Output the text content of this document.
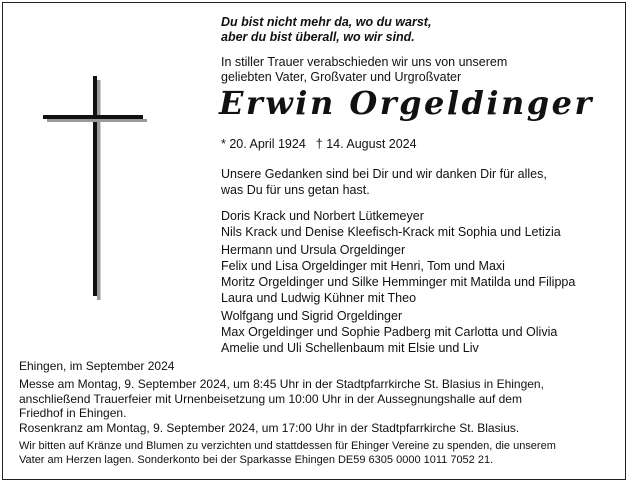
Du bist nicht mehr da, wo du warst,
aber du bist überall, wo wir sind.
In stiller Trauer verabschieden wir uns von unserem
geliebten Vater, Großvater und Urgroßvater
Erwin Orgeldinger
* 20. April 1924 † 14. August 2024
Unsere Gedanken sind bei Dir und wir danken Dir für alles,
was Du für uns getan hast.
Doris Krack und Norbert Lütkemeyer
Nils Krack und Denise Kleefisch-Krack mit Sophia und Letizia
Hermann und Ursula Orgeldinger
Felix und Lisa Orgeldinger mit Henri, Tom und Maxi
Moritz Orgeldinger und Silke Hemminger mit Matilda und Filippa
Laura und Ludwig Kühner mit Theo
Wolfgang und Sigrid Orgeldinger
Max Orgeldinger und Sophie Padberg mit Carlotta und Olivia
Amelie und Uli Schellenbaum mit Elsie und Liv
Ehingen, im September 2024
Messe am Montag, 9. September 2024, um 8:45 Uhr in der Stadtpfarrkirche St. Blasius in Ehingen,
anschließend Trauerfeier mit Urnenbeisetzung um 10:00 Uhr in der Aussegnungshalle auf dem
Friedhof in Ehingen.
Rosenkranz am Montag, 9. September 2024, um 17:00 Uhr in der Stadtpfarrkirche St. Blasius.
Wir bitten auf Kränze und Blumen zu verzichten und stattdessen für Ehinger Vereine zu spenden, die unserem
Vater am Herzen lagen. Sonderkonto bei der Sparkasse Ehingen DE59 6305 0000 1011 7052 21.
